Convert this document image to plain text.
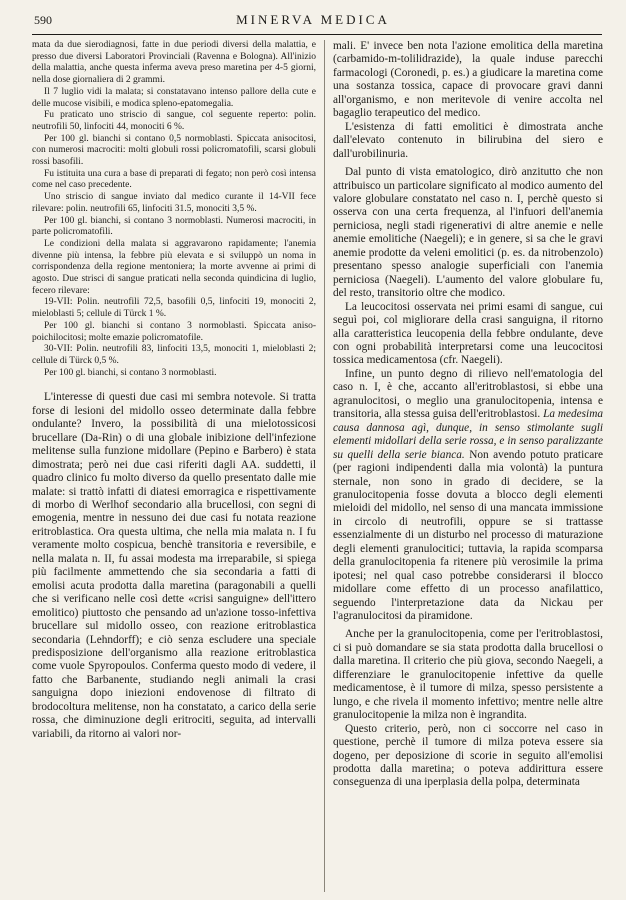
590	MINERVA MEDICA

mata da due sierodiagnosi, fatte in due periodi diversi della malattia, e presso due diversi Laboratori Provinciali (Ravenna e Bologna). All'inizio della malattia, anche questa inferma aveva preso maretina per 4-5 giorni, nella dose giornaliera di 2 grammi.

Il 7 luglio vidi la malata; si constatavano intenso pallore della cute e delle mucose visibili, e modica spleno-epatomegalia.

Fu praticato uno striscio di sangue, col seguente reperto: polin. neutrofili 50, linfociti 44, monociti 6 %.

Per 100 gl. bianchi si contano 0,5 normoblasti. Spiccata anisocitosi, con numerosi macrociti: molti globuli rossi policromatofili, scarsi globuli rossi basofili.

Fu istituita una cura a base di preparati di fegato; non però così intensa come nel caso precedente.

Uno striscio di sangue inviato dal medico curante il 14-VII fece rilevare: polin. neutrofili 65, linfociti 31.5, monociti 3,5 %.

Per 100 gl. bianchi, si contano 3 normoblasti. Numerosi macrociti, in parte policromatofili.

Le condizioni della malata si aggravarono rapidamente; l'anemia divenne più intensa, la febbre più elevata e si sviluppò un noma in corrispondenza della regione mentoniera; la morte avvenne ai primi di agosto. Due strisci di sangue praticati nella seconda quindicina di luglio, fecero rilevare:

19-VII: Polin. neutrofili 72,5, basofili 0,5, linfociti 19, monociti 2, mieloblasti 5; cellule di Türck 1 %.

Per 100 gl. bianchi si contano 3 normoblasti. Spiccata aniso-poichilocitosi; molte emazie policromatofile.

30-VII: Polin. neutrofili 83, linfociti 13,5, monociti 1, mieloblasti 2; cellule di Türck 0,5 %.

Per 100 gl. bianchi, si contano 3 normoblasti.

L'interesse di questi due casi mi sembra notevole. Si tratta forse di lesioni del midollo osseo determinate dalla febbre ondulante? Invero, la possibilità di una mielotossicosi brucellare (Da-Rin) o di una globale inibizione dell'infezione melitense sulla funzione midollare (Pepino e Barbero) è stata dimostrata; però nei due casi riferiti dagli AA. suddetti, il quadro clinico fu molto diverso da quello presentato dalle mie malate: si trattò infatti di diatesi emorragica e rispettivamente di morbo di Werlhof secondario alla brucellosi, con segni di emogenia, mentre in nessuno dei due casi fu notata reazione eritroblastica. Ora questa ultima, che nella mia malata n. I fu veramente molto cospicua, benchè transitoria e reversibile, e nella malata n. II, fu assai modesta ma irreparabile, si spiega più facilmente ammettendo che sia secondaria a fatti di emolisi acuta prodotta dalla maretina (paragonabili a quelli che si verificano nelle così dette «crisi sanguigne» dell'ittero emolitico) piuttosto che pensando ad un'azione tosso-infettiva brucellare sul midollo osseo, con reazione eritroblastica secondaria (Lehndorff); e ciò senza escludere una speciale predisposizione dell'organismo alla reazione eritroblastica come vuole Spyropoulos. Conferma questo modo di vedere, il fatto che Barbanente, studiando negli animali la crasi sanguigna dopo iniezioni endovenose di filtrato di brodocoltura melitense, non ha constatato, a carico della serie rossa, che diminuzione degli eritrociti, seguita, ad intervalli variabili, da ritorno ai valori nor-

mali. E' invece ben nota l'azione emolitica della maretina (carbamido-m-tolilidrazide), la quale induse parecchi farmacologi (Coronedi, p. es.) a giudicare la maretina come una sostanza tossica, capace di provocare gravi danni all'organismo, e non meritevole di venire accolta nel bagaglio terapeutico del medico.

L'esistenza di fatti emolitici è dimostrata anche dall'elevato contenuto in bilirubina del siero e dall'urobilinuria.

Dal punto di vista ematologico, dirò anzitutto che non attribuisco un particolare significato al modico aumento del valore globulare constatato nel caso n. I, perchè questo si osserva con una certa frequenza, al l'infuori dell'anemia perniciosa, negli stadi rigenerativi di altre anemie e nelle anemie emolitiche (Naegeli); e in genere, si sa che le gravi anemie prodotte da veleni emolitici (p. es. da nitrobenzolo) presentano spesso analogie superficiali con l'anemia perniciosa (Naegeli). L'aumento del valore globulare fu, del resto, transitorio oltre che modico.

La leucocitosi osservata nei primi esami di sangue, cui seguì poi, col migliorare della crasi sanguigna, il ritorno alla caratteristica leucopenia della febbre ondulante, deve con ogni probabilità interpretarsi come una leucocitosi tossica medicamentosa (cfr. Naegeli).

Infine, un punto degno di rilievo nell'ematologia del caso n. I, è che, accanto all'eritroblastosi, si ebbe una agranulocitosi, o meglio una granulocitopenia, intensa e transitoria, alla stessa guisa dell'eritroblastosi. La medesima causa dannosa agì, dunque, in senso stimolante sugli elementi midollari della serie rossa, e in senso paralizzante su quelli della serie bianca. Non avendo potuto praticare (per ragioni indipendenti dalla mia volontà) la puntura sternale, non sono in grado di decidere, se la granulocitopenia fosse dovuta a blocco degli elementi mieloidi del midollo, nel senso di una mancata immissione in circolo di neutrofili, oppure se si trattasse essenzialmente di un disturbo nel processo di maturazione degli elementi granulocitici; tuttavia, la rapida scomparsa della granulocitopenia fa ritenere più verosimile la prima ipotesi; nel qual caso potrebbe considerarsi il blocco midollare come effetto di un processo anafilattico, seguendo l'interpretazione data da Nickau per l'agranulocitosi da piramidone.

Anche per la granulocitopenia, come per l'eritroblastosi, ci si può domandare se sia stata prodotta dalla brucellosi o dalla maretina. Il criterio che più giova, secondo Naegeli, a differenziare le granulocitopenie infettive da quelle medicamentose, è il tumore di milza, spesso persistente a lungo, e che rivela il momento infettivo; mentre nelle altre granulocitopenie la milza non è ingrandita.

Questo criterio, però, non ci soccorre nel caso in questione, perchè il tumore di milza poteva essere sia dogeno, per deposizione di scorie in seguito all'emolisi prodotta dalla maretina; o poteva addirittura essere conseguenza di una iperplasia della polpa, determinata
